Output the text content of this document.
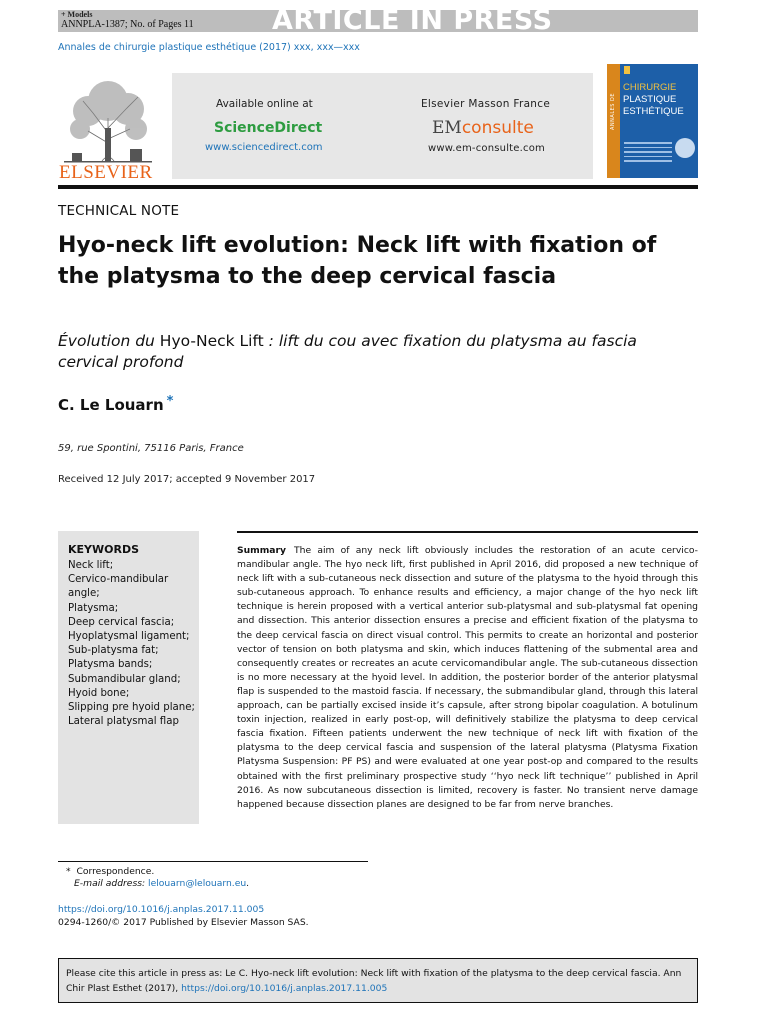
+ Models
ANNPLA-1387; No. of Pages 11	ARTICLE IN PRESS
Annales de chirurgie plastique esthétique (2017) xxx, xxx—xxx
ELSEVIER
Available online at
ScienceDirect
www.sciencedirect.com
Elsevier Masson France
EMconsulte
www.em-consulte.com
ANNALES DE
CHIRURGIE
PLASTIQUE
ESTHÉTIQUE
TECHNICAL NOTE
Hyo-neck lift evolution: Neck lift with fixation of the platysma to the deep cervical fascia
Évolution du Hyo-Neck Lift : lift du cou avec fixation du platysma au fascia cervical profond
C. Le Louarn *
59, rue Spontini, 75116 Paris, France
Received 12 July 2017; accepted 9 November 2017
KEYWORDS
Neck lift;
Cervico-mandibular angle;
Platysma;
Deep cervical fascia;
Hyoplatysmal ligament;
Sub-platysma fat;
Platysma bands;
Submandibular gland;
Hyoid bone;
Slipping pre hyoid plane;
Lateral platysmal flap
Summary The aim of any neck lift obviously includes the restoration of an acute cervico-mandibular angle. The hyo neck lift, first published in April 2016, did proposed a new technique of neck lift with a sub-cutaneous neck dissection and suture of the platysma to the hyoid through this sub-cutaneous approach. To enhance results and efficiency, a major change of the hyo neck lift technique is herein proposed with a vertical anterior sub-platysmal and sub-platysmal fat opening and dissection. This anterior dissection ensures a precise and efficient fixation of the platysma to the deep cervical fascia on direct visual control. This permits to create an horizontal and posterior vector of tension on both platysma and skin, which induces flattening of the submental area and consequently creates or recreates an acute cervicomandibular angle. The sub-cutaneous dissection is no more necessary at the hyoid level. In addition, the posterior border of the anterior platysmal flap is suspended to the mastoid fascia. If necessary, the submandibular gland, through this lateral approach, can be partially excised inside it’s capsule, after strong bipolar coagulation. A botulinum toxin injection, realized in early post-op, will definitively stabilize the platysma to deep cervical fascia fixation. Fifteen patients underwent the new technique of neck lift with fixation of the platysma to the deep cervical fascia and suspension of the lateral platysma (Platysma Fixation Platysma Suspension: PF PS) and were evaluated at one year post-op and compared to the results obtained with the first preliminary prospective study ‘‘hyo neck lift technique’’ published in April 2016. As now subcutaneous dissection is limited, recovery is faster. No transient nerve damage happened because dissection planes are designed to be far from nerve branches.
* Correspondence.
E-mail address: lelouarn@lelouarn.eu.
https://doi.org/10.1016/j.anplas.2017.11.005
0294-1260/© 2017 Published by Elsevier Masson SAS.
Please cite this article in press as: Le C. Hyo-neck lift evolution: Neck lift with fixation of the platysma to the deep cervical fascia. Ann Chir Plast Esthet (2017), https://doi.org/10.1016/j.anplas.2017.11.005
